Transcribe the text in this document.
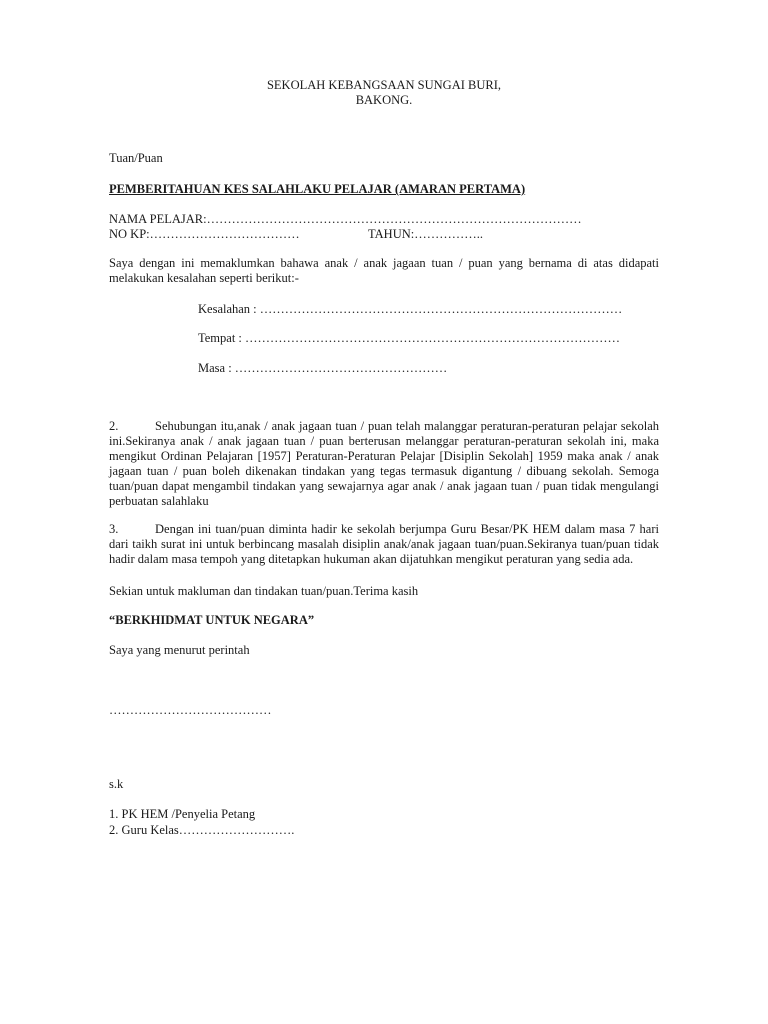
SEKOLAH KEBANGSAAN SUNGAI BURI,
BAKONG.
Tuan/Puan
PEMBERITAHUAN KES SALAHLAKU PELAJAR (AMARAN PERTAMA)
NAMA PELAJAR:………………………………………………………………………………
NO KP:………………………………	TAHUN:……………..
Saya dengan ini memaklumkan bahawa anak / anak jagaan tuan / puan yang bernama di atas didapati
melakukan kesalahan seperti berikut:-
Kesalahan : ……………………………………………………………………………
Tempat : ………………………………………………………………………………
Masa : ……………………………………………
2.	Sehubungan itu,anak / anak jagaan tuan / puan telah malanggar peraturan-peraturan pelajar sekolah
ini.Sekiranya anak / anak jagaan tuan / puan berterusan melanggar peraturan-peraturan sekolah ini, maka
mengikut Ordinan Pelajaran [1957] Peraturan-Peraturan Pelajar [Disiplin Sekolah] 1959 maka anak / anak
jagaan tuan / puan boleh dikenakan tindakan yang tegas termasuk digantung / dibuang sekolah. Semoga
tuan/puan dapat mengambil tindakan yang sewajarnya agar anak / anak jagaan tuan / puan tidak mengulangi
perbuatan salahlaku
3.	Dengan ini tuan/puan diminta hadir ke sekolah berjumpa Guru Besar/PK HEM dalam masa 7 hari
dari taikh surat ini untuk berbincang masalah disiplin anak/anak jagaan tuan/puan.Sekiranya tuan/puan tidak
hadir dalam masa tempoh yang ditetapkan hukuman akan dijatuhkan mengikut peraturan yang sedia ada.
Sekian untuk makluman dan tindakan tuan/puan.Terima kasih
“BERKHIDMAT UNTUK NEGARA”
Saya yang menurut perintah
…………………………………
s.k
1. PK HEM /Penyelia Petang
2. Guru Kelas……………………….
